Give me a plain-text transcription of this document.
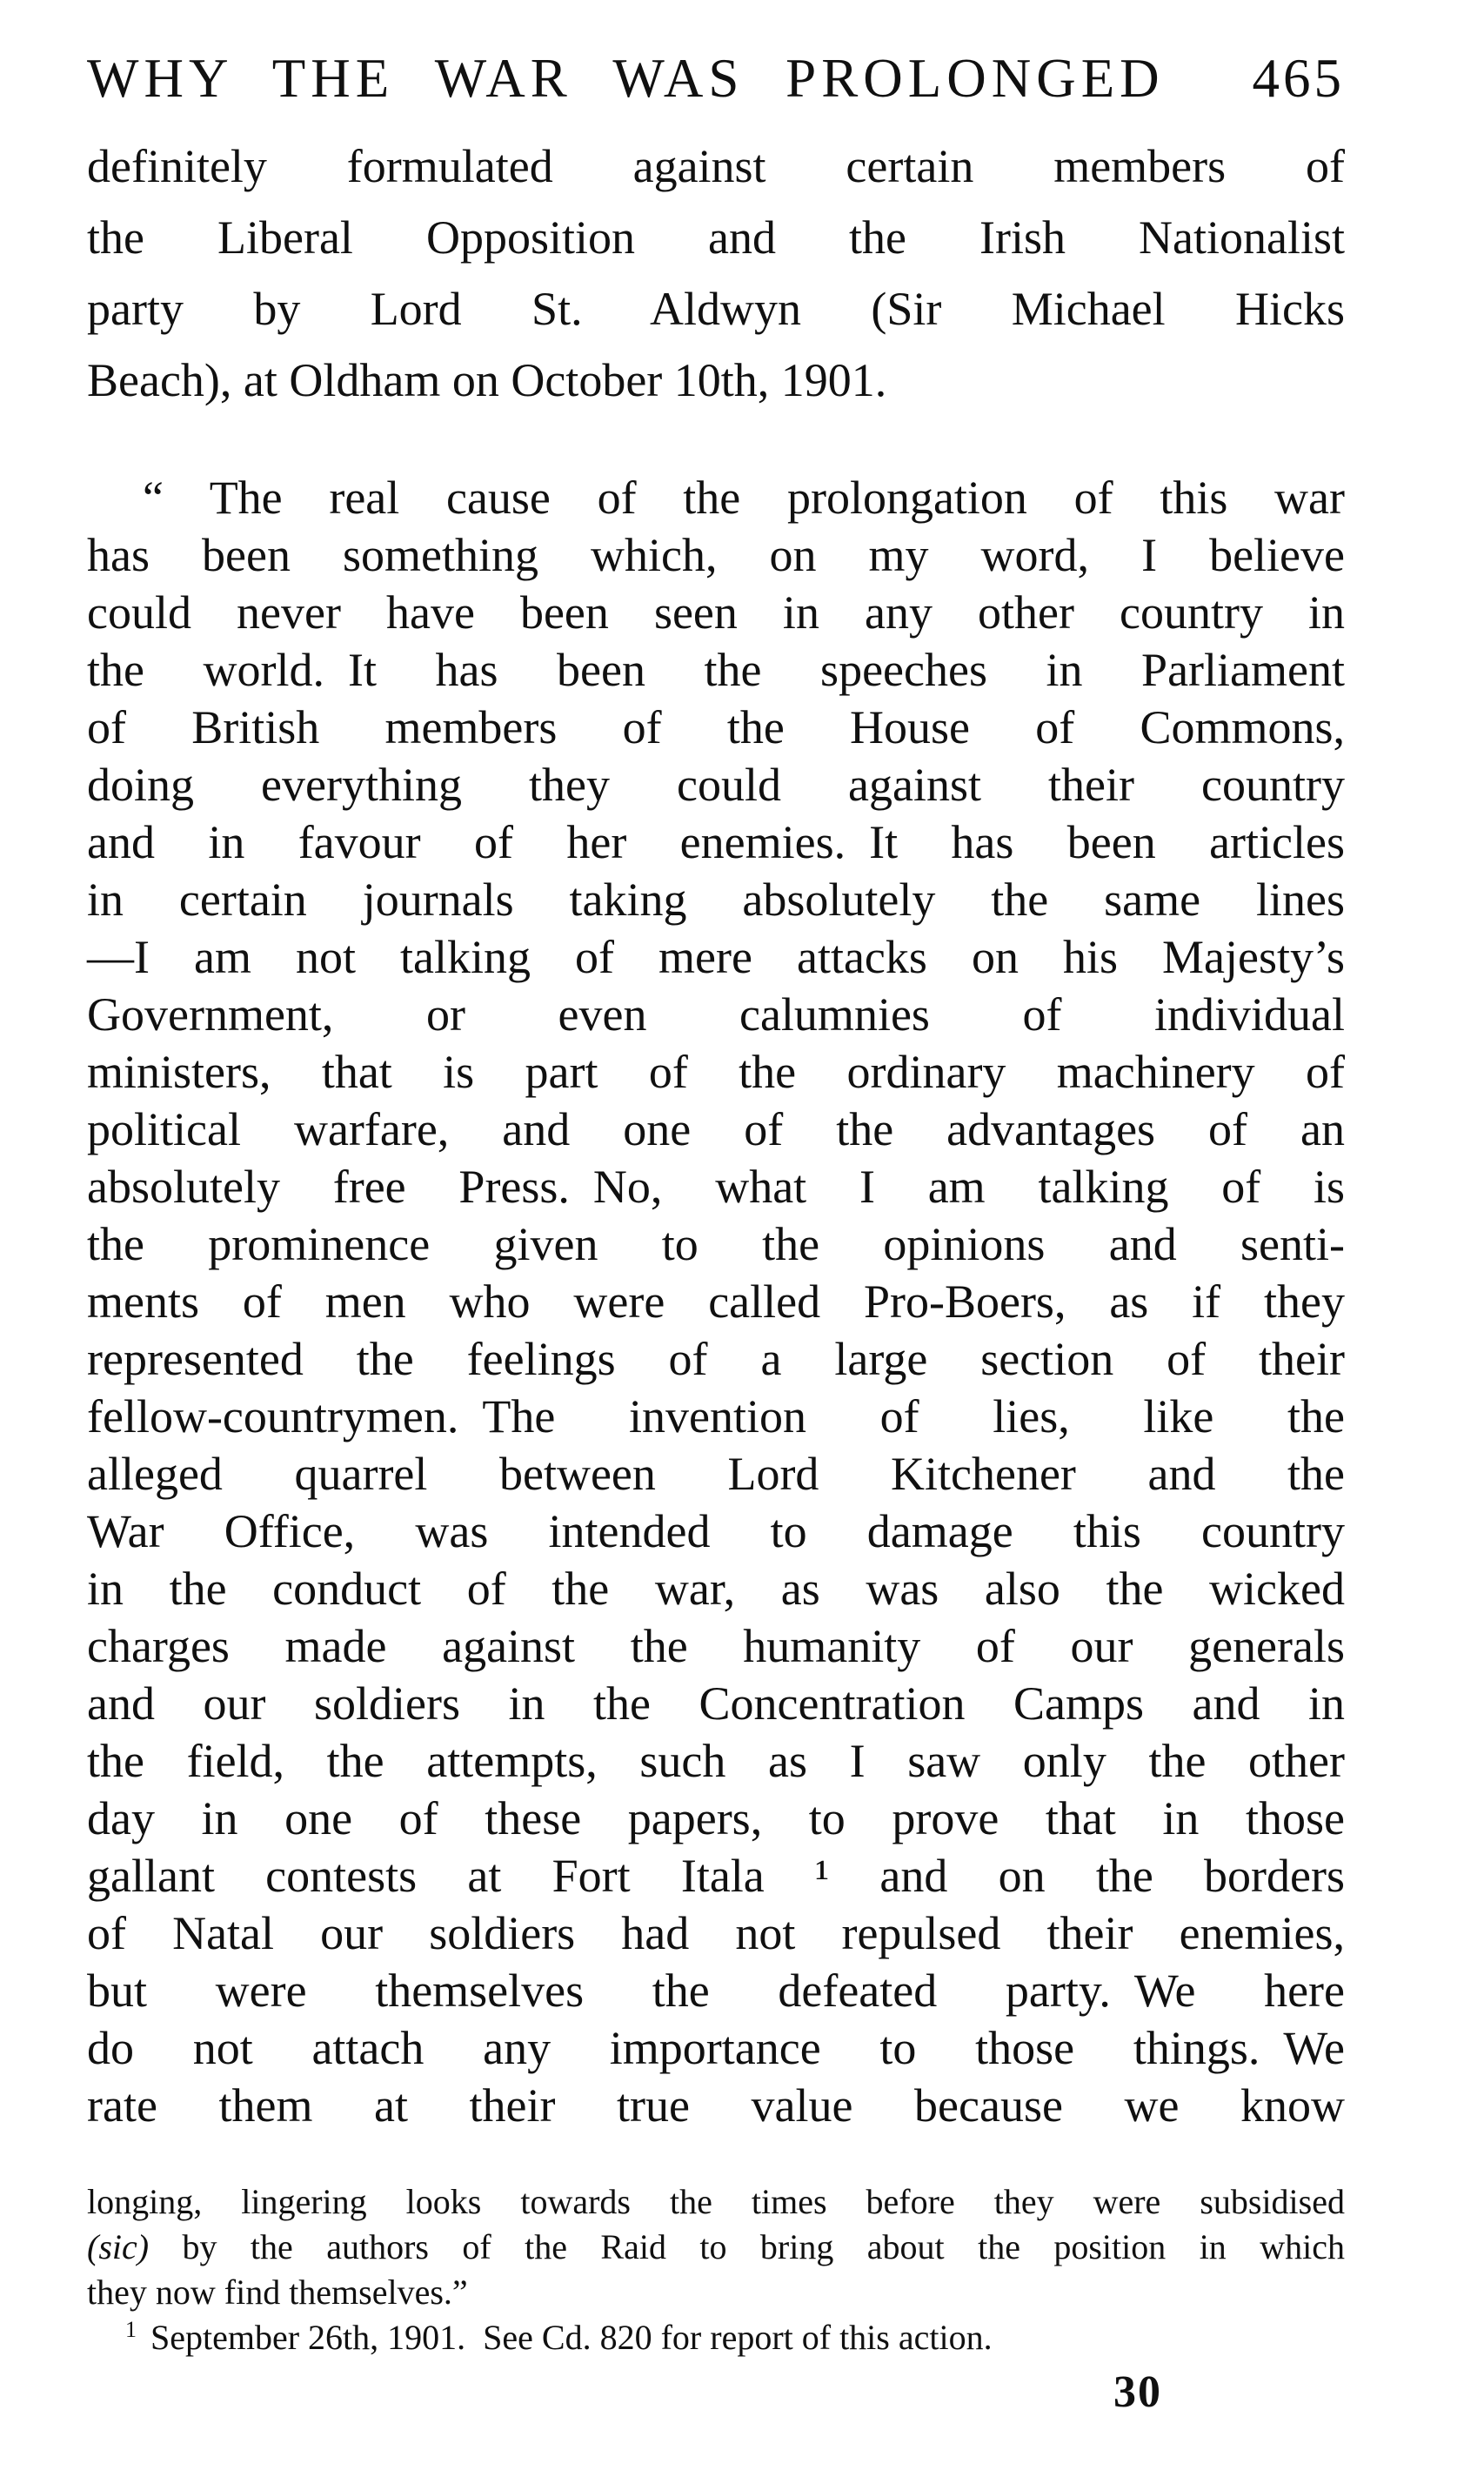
WHY THE WAR WAS PROLONGED 465
definitely formulated against certain members of
the Liberal Opposition and the Irish Nationalist
party by Lord St. Aldwyn (Sir Michael Hicks
Beach), at Oldham on October 10th, 1901.
“ The real cause of the prolongation of this war
has been something which, on my word, I believe
could never have been seen in any other country in
the world. It has been the speeches in Parliament
of British members of the House of Commons,
doing everything they could against their country
and in favour of her enemies. It has been articles
in certain journals taking absolutely the same lines
—I am not talking of mere attacks on his Majesty’s
Government, or even calumnies of individual
ministers, that is part of the ordinary machinery of
political warfare, and one of the advantages of an
absolutely free Press. No, what I am talking of is
the prominence given to the opinions and senti-
ments of men who were called Pro-Boers, as if they
represented the feelings of a large section of their
fellow-countrymen. The invention of lies, like the
alleged quarrel between Lord Kitchener and the
War Office, was intended to damage this country
in the conduct of the war, as was also the wicked
charges made against the humanity of our generals
and our soldiers in the Concentration Camps and in
the field, the attempts, such as I saw only the other
day in one of these papers, to prove that in those
gallant contests at Fort Itala ¹ and on the borders
of Natal our soldiers had not repulsed their enemies,
but were themselves the defeated party. We here
do not attach any importance to those things. We
rate them at their true value because we know
longing, lingering looks towards the times before they were subsidised
(sic) by the authors of the Raid to bring about the position in which
they now find themselves.”
$^1$ September 26th, 1901. See Cd. 820 for report of this action.
30
